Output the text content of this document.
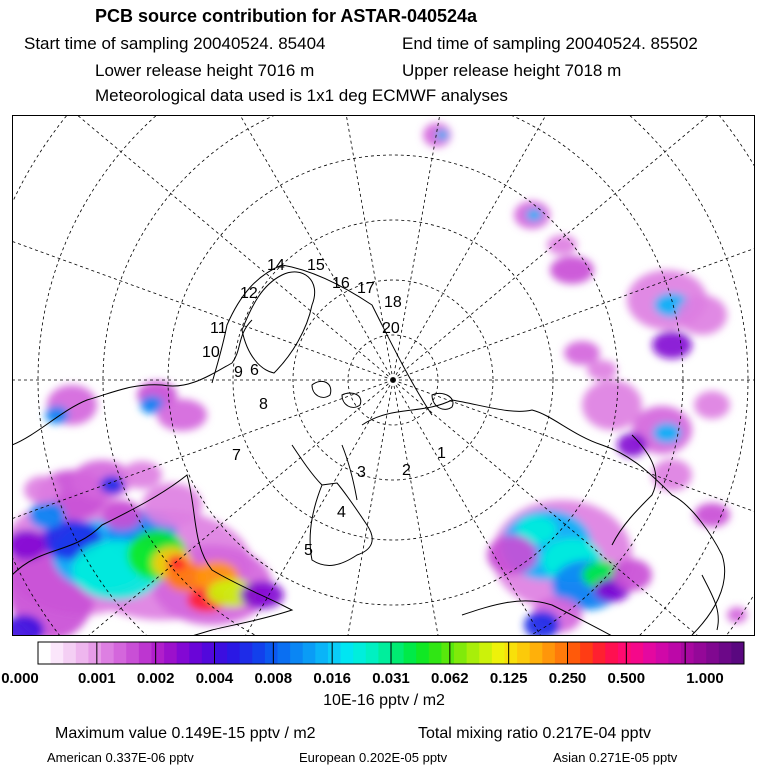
PCB source contribution for ASTAR-040524a
Start time of sampling 20040524. 85404	End time of sampling 20040524. 85502
Lower release height 7016 m	Upper release height 7018 m
Meteorological data used is 1x1 deg ECMWF analyses
1
2
3
4
5
6
7
8
9
10
11
12
14 15
16 17
18
20
0.000	0.001 0.002 0.004 0.008 0.016 0.031 0.062 0.125 0.250 0.500	1.000
10E-16 pptv / m2
Maximum value 0.149E-15 pptv / m2	Total mixing ratio 0.217E-04 pptv
American 0.337E-06 pptv	European 0.202E-05 pptv	Asian 0.271E-05 pptv
